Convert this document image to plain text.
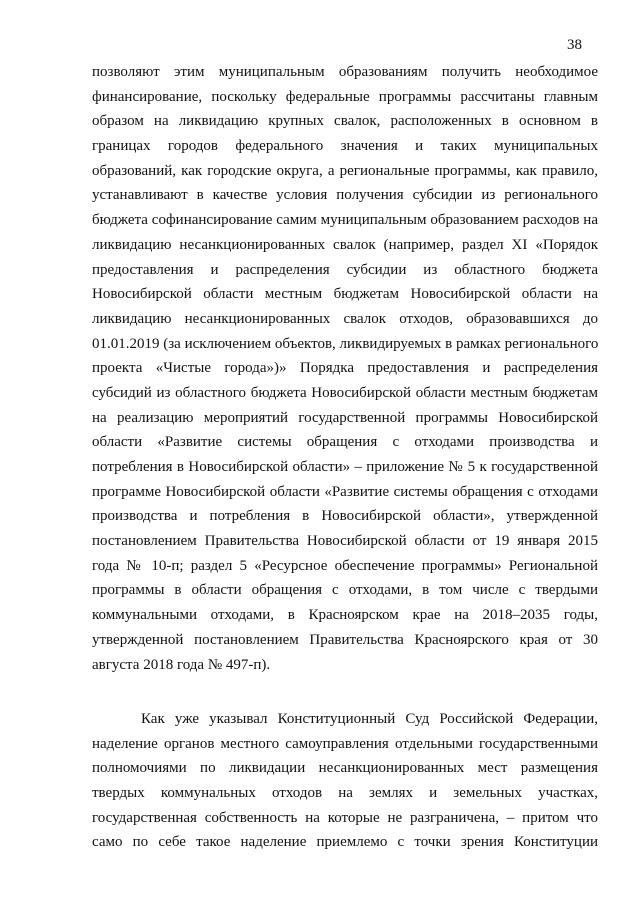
38
позволяют этим муниципальным образованиям получить необходимое
финансирование, поскольку федеральные программы рассчитаны главным
образом на ликвидацию крупных свалок, расположенных в основном в
границах городов федерального значения и таких муниципальных
образований, как городские округа, а региональные программы, как правило,
устанавливают в качестве условия получения субсидии из регионального
бюджета софинансирование самим муниципальным образованием расходов на
ликвидацию несанкционированных свалок (например, раздел XI «Порядок
предоставления и распределения субсидии из областного бюджета
Новосибирской области местным бюджетам Новосибирской области на
ликвидацию несанкционированных свалок отходов, образовавшихся до
01.01.2019 (за исключением объектов, ликвидируемых в рамках регионального
проекта «Чистые города»)» Порядка предоставления и распределения
субсидий из областного бюджета Новосибирской области местным бюджетам
на реализацию мероприятий государственной программы Новосибирской
области «Развитие системы обращения с отходами производства и
потребления в Новосибирской области» – приложение № 5 к государственной
программе Новосибирской области «Развитие системы обращения с отходами
производства и потребления в Новосибирской области», утвержденной
постановлением Правительства Новосибирской области от 19 января 2015
года № 10-п; раздел 5 «Ресурсное обеспечение программы» Региональной
программы в области обращения с отходами, в том числе с твердыми
коммунальными отходами, в Красноярском крае на 2018–2035 годы,
утвержденной постановлением Правительства Красноярского края от 30
августа 2018 года № 497-п).
Как уже указывал Конституционный Суд Российской Федерации,
наделение органов местного самоуправления отдельными государственными
полномочиями по ликвидации несанкционированных мест размещения
твердых коммунальных отходов на землях и земельных участках,
государственная собственность на которые не разграничена, – притом что
само по себе такое наделение приемлемо с точки зрения Конституции
